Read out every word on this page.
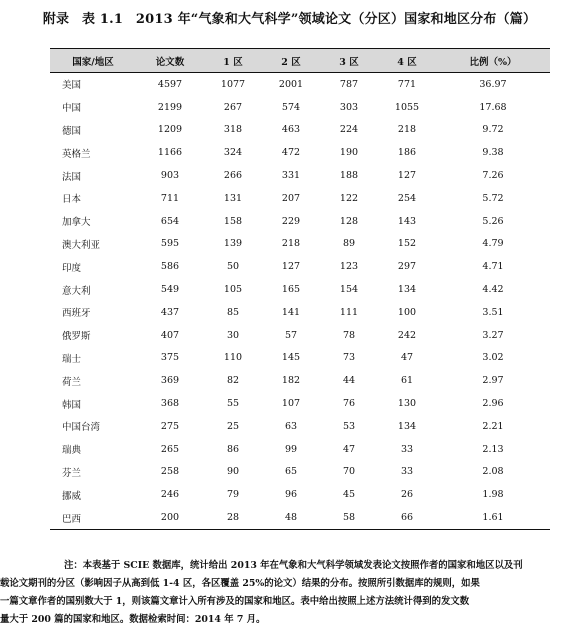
附录 表 1.1 2013 年“气象和大气科学”领域论文（分区）国家和地区分布（篇）
国家/地区	论文数	1 区	2 区	3 区	4 区	比例（%）
美国	4597	1077	2001	787	771	36.97
中国	2199	267	574	303	1055	17.68
德国	1209	318	463	224	218	9.72
英格兰	1166	324	472	190	186	9.38
法国	903	266	331	188	127	7.26
日本	711	131	207	122	254	5.72
加拿大	654	158	229	128	143	5.26
澳大利亚	595	139	218	89	152	4.79
印度	586	50	127	123	297	4.71
意大利	549	105	165	154	134	4.42
西班牙	437	85	141	111	100	3.51
俄罗斯	407	30	57	78	242	3.27
瑞士	375	110	145	73	47	3.02
荷兰	369	82	182	44	61	2.97
韩国	368	55	107	76	130	2.96
中国台湾	275	25	63	53	134	2.21
瑞典	265	86	99	47	33	2.13
芬兰	258	90	65	70	33	2.08
挪威	246	79	96	45	26	1.98
巴西	200	28	48	58	66	1.61

注：本表基于 SCIE 数据库，统计给出 2013 年在气象和大气科学领域发表论文按照作者的国家和地区以及刊

载论文期刊的分区（影响因子从高到低 1-4 区，各区覆盖 25%的论文）结果的分布。按照所引数据库的规则，如果

一篇文章作者的国别数大于 1，则该篇文章计入所有涉及的国家和地区。表中给出按照上述方法统计得到的发文数

量大于 200 篇的国家和地区。数据检索时间：2014 年 7 月。
